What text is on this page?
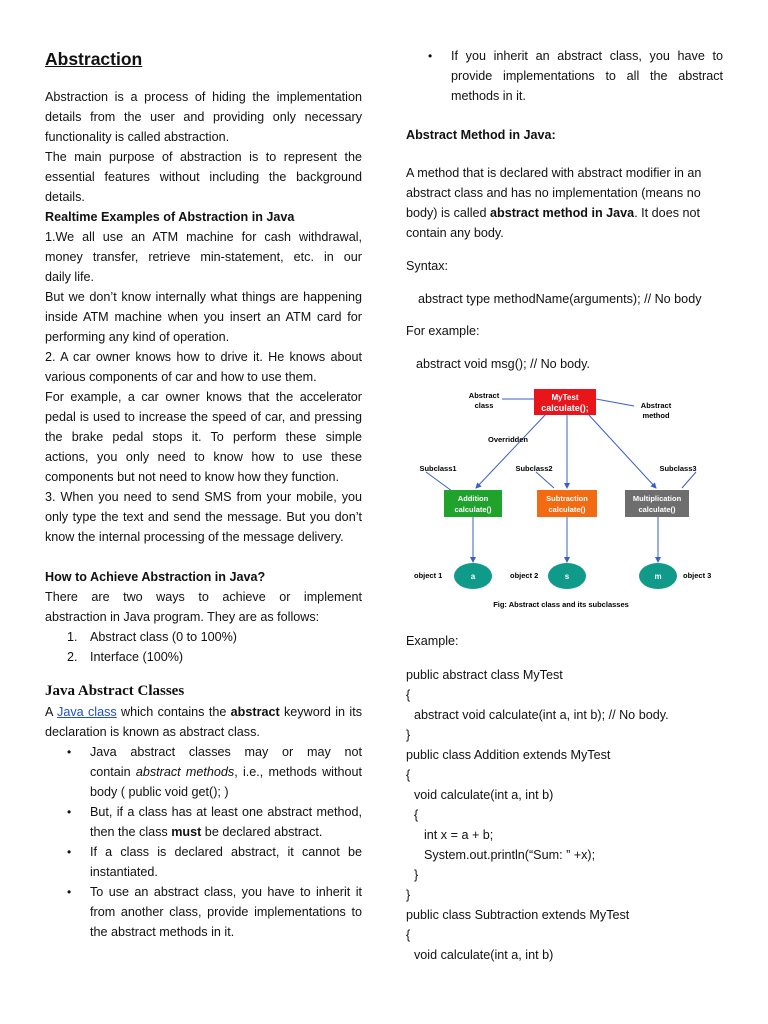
Abstraction
Abstraction is a process of hiding the implementation
details from the user and providing only necessary
functionality is called abstraction.
The main purpose of abstraction is to represent the
essential features without including the background
details.
Realtime Examples of Abstraction in Java
1.We all use an ATM machine for cash withdrawal,
money transfer, retrieve min-statement, etc. in our
daily life.
But we don’t know internally what things are happening
inside ATM machine when you insert an ATM card for
performing any kind of operation.
2. A car owner knows how to drive it. He knows about
various components of car and how to use them.
For example, a car owner knows that the accelerator
pedal is used to increase the speed of car, and pressing
the brake pedal stops it. To perform these simple
actions, you only need to know how to use these
components but not need to know how they function.
3. When you need to send SMS from your mobile, you
only type the text and send the message. But you don’t
know the internal processing of the message delivery.
How to Achieve Abstraction in Java?
There are two ways to achieve or implement
abstraction in Java program. They are as follows:
1. Abstract class (0 to 100%)
2. Interface (100%)
Java Abstract Classes
A Java class which contains the abstract keyword in its
declaration is known as abstract class.
• Java abstract classes may or may not
contain abstract methods, i.e., methods without
body ( public void get(); )
• But, if a class has at least one abstract method,
then the class must be declared abstract.
• If a class is declared abstract, it cannot be
instantiated.
• To use an abstract class, you have to inherit it
from another class, provide implementations to
the abstract methods in it.
• If you inherit an abstract class, you have to
provide implementations to all the abstract
methods in it.
Abstract Method in Java:
A method that is declared with abstract modifier in an
abstract class and has no implementation (means no
body) is called abstract method in Java. It does not
contain any body.
Syntax:
abstract type methodName(arguments); // No body
For example:
abstract void msg(); // No body.
MyTest
calculate();
Abstract
class	Abstract
method
Overridden
Subclass1	Subclass2	Subclass3
Addition
calculate()
Subtraction
calculate()
Multiplication
calculate()
a	s	m
object 1	object 2	object 3
Fig: Abstract class and its subclasses
Example:
public abstract class MyTest
{
abstract void calculate(int a, int b); // No body.
}
public class Addition extends MyTest
{
void calculate(int a, int b)
{
int x = a + b;
System.out.println(“Sum: ” +x);
}
}
public class Subtraction extends MyTest
{
void calculate(int a, int b)
